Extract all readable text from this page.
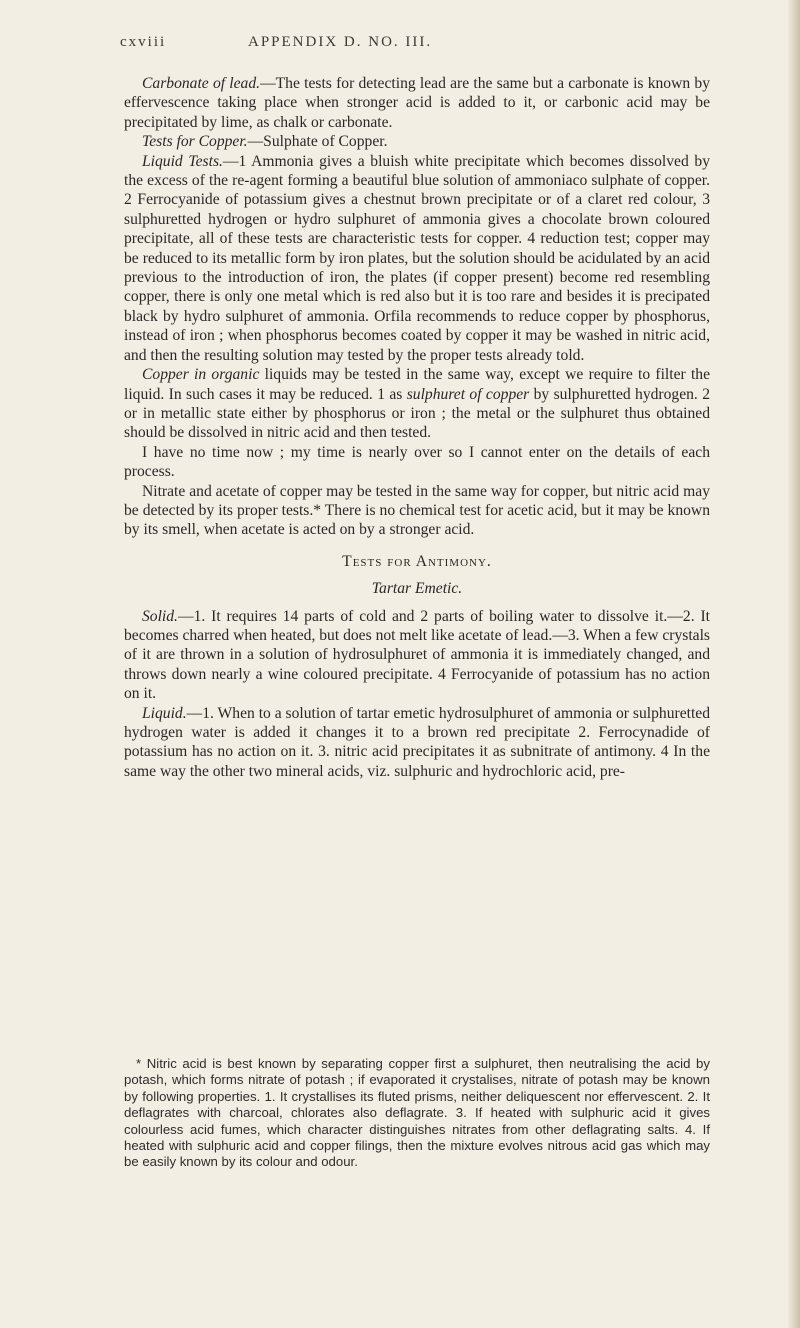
cxviii	APPENDIX D. NO. III.

Carbonate of lead.—The tests for detecting lead are the same but a carbonate is known by effervescence taking place when stronger acid is added to it, or carbonic acid may be precipitated by lime, as chalk or carbonate.

Tests for Copper.—Sulphate of Copper.

Liquid Tests.—1 Ammonia gives a bluish white precipitate which becomes dissolved by the excess of the re-agent forming a beautiful blue solution of ammoniaco sulphate of copper. 2 Ferrocyanide of potassium gives a chestnut brown precipitate or of a claret red colour, 3 sulphuretted hydrogen or hydro sulphuret of ammonia gives a chocolate brown coloured precipitate, all of these tests are characteristic tests for copper. 4 reduction test; copper may be reduced to its metallic form by iron plates, but the solution should be acidulated by an acid previous to the introduction of iron, the plates (if copper present) become red resembling copper, there is only one metal which is red also but it is too rare and besides it is precipated black by hydro sulphuret of ammonia. Orfila recommends to reduce copper by phosphorus, instead of iron ; when phosphorus becomes coated by copper it may be washed in nitric acid, and then the resulting solution may tested by the proper tests already told.

Copper in organic liquids may be tested in the same way, except we require to filter the liquid. In such cases it may be reduced. 1 as sulphuret of copper by sulphuretted hydrogen. 2 or in metallic state either by phosphorus or iron ; the metal or the sulphuret thus obtained should be dissolved in nitric acid and then tested.

I have no time now ; my time is nearly over so I cannot enter on the details of each process.

Nitrate and acetate of copper may be tested in the same way for copper, but nitric acid may be detected by its proper tests.* There is no chemical test for acetic acid, but it may be known by its smell, when acetate is acted on by a stronger acid.

Tests for Antimony.

Tartar Emetic.

Solid.—1. It requires 14 parts of cold and 2 parts of boiling water to dissolve it.—2. It becomes charred when heated, but does not melt like acetate of lead.—3. When a few crystals of it are thrown in a solution of hydrosulphuret of ammonia it is immediately changed, and throws down nearly a wine coloured precipitate. 4 Ferrocyanide of potassium has no action on it.

Liquid.—1. When to a solution of tartar emetic hydrosulphuret of ammonia or sulphuretted hydrogen water is added it changes it to a brown red precipitate 2. Ferrocynadide of potassium has no action on it. 3. nitric acid precipitates it as subnitrate of antimony. 4 In the same way the other two mineral acids, viz. sulphuric and hydrochloric acid, pre-

* Nitric acid is best known by separating copper first a sulphuret, then neutralising the acid by potash, which forms nitrate of potash ; if evaporated it crystalises, nitrate of potash may be known by following properties. 1. It crystallises its fluted prisms, neither deliquescent nor effervescent. 2. It deflagrates with charcoal, chlorates also deflagrate. 3. If heated with sulphuric acid it gives colourless acid fumes, which character distinguishes nitrates from other deflagrating salts. 4. If heated with sulphuric acid and copper filings, then the mixture evolves nitrous acid gas which may be easily known by its colour and odour.
